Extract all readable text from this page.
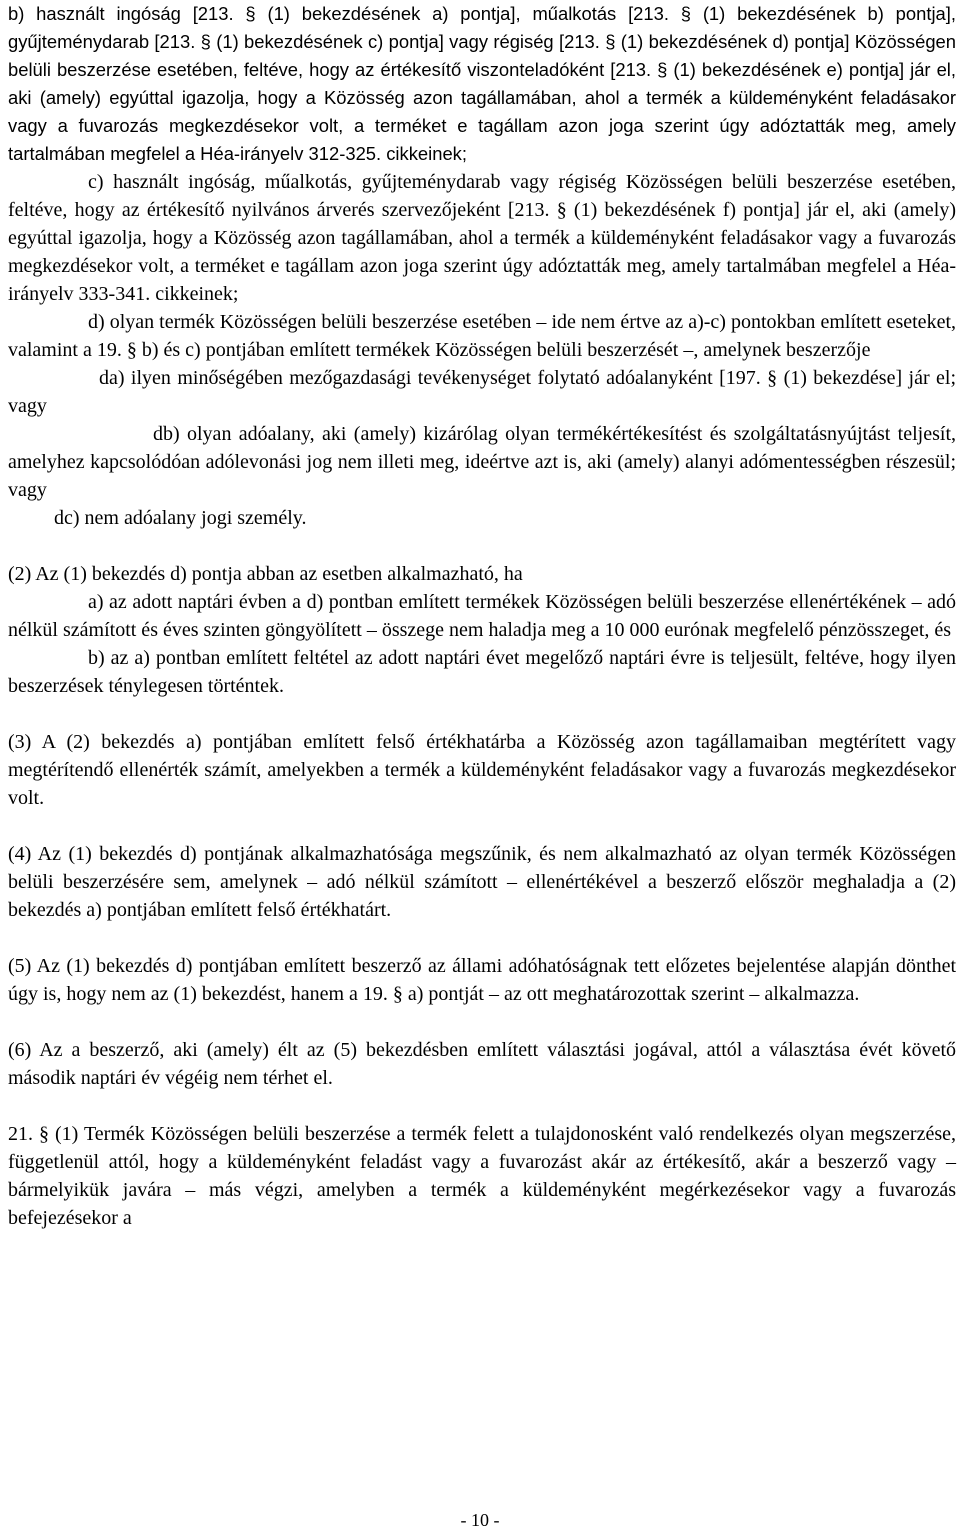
b) használt ingóság [213. § (1) bekezdésének a) pontja], műalkotás [213. § (1) bekezdésének b) pontja], gyűjteménydarab [213. § (1) bekezdésének c) pontja] vagy régiség [213. § (1) bekezdésének d) pontja] Közösségen belüli beszerzése esetében, feltéve, hogy az értékesítő viszonteladóként [213. § (1) bekezdésének e) pontja] jár el, aki (amely) egyúttal igazolja, hogy a Közösség azon tagállamában, ahol a termék a küldeményként feladásakor vagy a fuvarozás megkezdésekor volt, a terméket e tagállam azon joga szerint úgy adóztatták meg, amely tartalmában megfelel a Héa-irányelv 312-325. cikkeinek;

c) használt ingóság, műalkotás, gyűjteménydarab vagy régiség Közösségen belüli beszerzése esetében, feltéve, hogy az értékesítő nyilvános árverés szervezőjeként [213. § (1) bekezdésének f) pontja] jár el, aki (amely) egyúttal igazolja, hogy a Közösség azon tagállamában, ahol a termék a küldeményként feladásakor vagy a fuvarozás megkezdésekor volt, a terméket e tagállam azon joga szerint úgy adóztatták meg, amely tartalmában megfelel a Héa-irányelv 333-341. cikkeinek;

d) olyan termék Közösségen belüli beszerzése esetében – ide nem értve az a)-c) pontokban említett eseteket, valamint a 19. § b) és c) pontjában említett termékek Közösségen belüli beszerzését –, amelynek beszerzője

da) ilyen minőségében mezőgazdasági tevékenységet folytató adóalanyként [197. § (1) bekezdése] jár el; vagy

db) olyan adóalany, aki (amely) kizárólag olyan termékértékesítést és szolgáltatásnyújtást teljesít, amelyhez kapcsolódóan adólevonási jog nem illeti meg, ideértve azt is, aki (amely) alanyi adómentességben részesül; vagy

dc) nem adóalany jogi személy.

(2) Az (1) bekezdés d) pontja abban az esetben alkalmazható, ha

a) az adott naptári évben a d) pontban említett termékek Közösségen belüli beszerzése ellenértékének – adó nélkül számított és éves szinten göngyölített – összege nem haladja meg a 10 000 eurónak megfelelő pénzösszeget, és

b) az a) pontban említett feltétel az adott naptári évet megelőző naptári évre is teljesült, feltéve, hogy ilyen beszerzések ténylegesen történtek.

(3) A (2) bekezdés a) pontjában említett felső értékhatárba a Közösség azon tagállamaiban megtérített vagy megtérítendő ellenérték számít, amelyekben a termék a küldeményként feladásakor vagy a fuvarozás megkezdésekor volt.

(4) Az (1) bekezdés d) pontjának alkalmazhatósága megszűnik, és nem alkalmazható az olyan termék Közösségen belüli beszerzésére sem, amelynek – adó nélkül számított – ellenértékével a beszerző először meghaladja a (2) bekezdés a) pontjában említett felső értékhatárt.

(5) Az (1) bekezdés d) pontjában említett beszerző az állami adóhatóságnak tett előzetes bejelentése alapján dönthet úgy is, hogy nem az (1) bekezdést, hanem a 19. § a) pontját – az ott meghatározottak szerint – alkalmazza.

(6) Az a beszerző, aki (amely) élt az (5) bekezdésben említett választási jogával, attól a választása évét követő második naptári év végéig nem térhet el.

21. § (1) Termék Közösségen belüli beszerzése a termék felett a tulajdonosként való rendelkezés olyan megszerzése, függetlenül attól, hogy a küldeményként feladást vagy a fuvarozást akár az értékesítő, akár a beszerző vagy – bármelyikük javára – más végzi, amelyben a termék a küldeményként megérkezésekor vagy a fuvarozás befejezésekor a

- 10 -
